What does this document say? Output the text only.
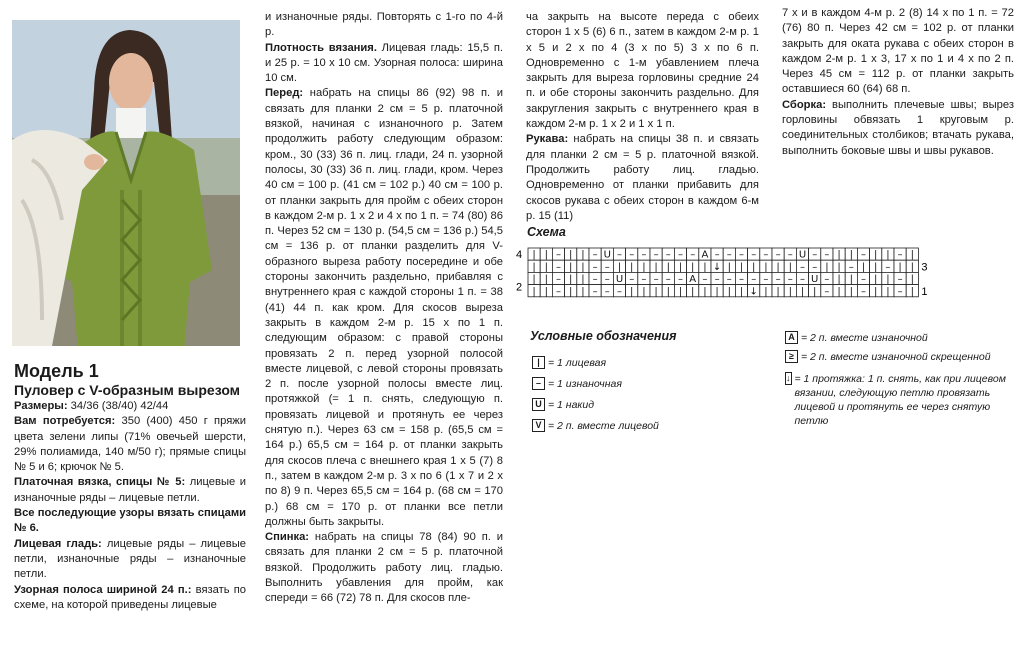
Модель 1

Пуловер с V-образным вырезом

Размеры: 34/36 (38/40) 42/44

Вам потребуется: 350 (400) 450 г пряжи цвета зелени липы (71% овечьей шерсти, 29% полиамида, 140 м/50 г); прямые спицы № 5 и 6; крючок № 5.

Платочная вязка, спицы № 5: лицевые и изнаночные ряды – лицевые петли.

Все последующие узоры вязать спицами № 6.

Лицевая гладь: лицевые ряды – лицевые петли, изнаночные ряды – изнаночные петли.

Узорная полоса шириной 24 п.: вязать по схеме, на которой приведены лицевые

и изнаночные ряды. Повторять с 1-го по 4-й р.

Плотность вязания. Лицевая гладь: 15,5 п. и 25 р. = 10 х 10 см. Узорная полоса: ширина 10 см.

Перед: набрать на спицы 86 (92) 98 п. и связать для планки 2 см = 5 р. платочной вязкой, начиная с изнаночного р. Затем продолжить работу следующим образом: кром., 30 (33) 36 п. лиц. глади, 24 п. узорной полосы, 30 (33) 36 п. лиц. глади, кром. Через 40 см = 100 р. (41 см = 102 р.) 40 см = 100 р. от планки закрыть для пройм с обеих сторон в каждом 2-м р. 1 х 2 и 4 х по 1 п. = 74 (80) 86 п. Через 52 см = 130 р. (54,5 см = 136 р.) 54,5 см = 136 р. от планки разделить для V-образного выреза работу посередине и обе стороны закончить раздельно, прибавляя с внутреннего края с каждой стороны 1 п. = 38 (41) 44 п. как кром. Для скосов выреза закрыть в каждом 2-м р. 15 х по 1 п. следующим образом: с правой стороны провязать 2 п. перед узорной полосой вместе лицевой, с левой стороны провязать 2 п. после узорной полосы вместе лиц. протяжкой (= 1 п. снять, следующую п. провязать лицевой и протянуть ее через снятую п.). Через 63 см = 158 р. (65,5 см = 164 р.) 65,5 см = 164 р. от планки закрыть для скосов плеча с внешнего края 1 х 5 (7) 8 п., затем в каждом 2-м р. 3 х по 6 (1 х 7 и 2 х по 8) 9 п. Через 65,5 см = 164 р. (68 см = 170 р.) 68 см = 170 р. от планки все петли должны быть закрыты.

Спинка: набрать на спицы 78 (84) 90 п. и связать для планки 2 см = 5 р. платочной вязкой. Продолжить работу лиц. гладью. Выполнить убавления для пройм, как спереди = 66 (72) 78 п. Для скосов пле-

ча закрыть на высоте переда с обеих сторон 1 х 5 (6) 6 п., затем в каждом 2-м р. 1 х 5 и 2 х по 4 (3 х по 5) 3 х по 6 п. Одновременно с 1-м убавлением плеча закрыть для выреза горловины средние 24 п. и обе стороны закончить раздельно. Для закругления закрыть с внутреннего края в каждом 2-м р. 1 х 2 и 1 х 1 п.

Рукава: набрать на спицы 38 п. и связать для планки 2 см = 5 р. платочной вязкой. Продолжить работу лиц. гладью. Одновременно от планки прибавить для скосов рукава с обеих сторон в каждом 6-м р. 15 (11)

7 х и в каждом 4-м р. 2 (8) 14 х по 1 п. = 72 (76) 80 п. Через 42 см = 102 р. от планки закрыть для оката рукава с обеих сторон в каждом 2-м р. 1 х 3, 17 х по 1 и 4 х по 2 п. Через 45 см = 112 р. от планки закрыть оставшиеся 60 (64) 68 п.

Сборка: выполнить плечевые швы; вырез горловины обвязать 1 круговым р. соединительных столбиков; втачать рукава, выполнить боковые швы и швы рукавов.

Схема
| | – | | – U – – – – – – – A – – – – – – – U – – | | – | | – |
| | – | | – – | | | | | | | | ↓ | | | | | | – – | | – | | – | |
| | – | | – – U – – – – – A – – – – – – – – – U – | | – | | – |
| | – | | – – – | | | | | | | | | | ↓ | | | | | – | | – | | – |
4
2
3
1
Условные обозначения
| = 1 лицевая
– = 1 изнаночная
U = 1 накид
V = 2 п. вместе лицевой
A = 2 п. вместе изнаночной
≥ = 2 п. вместе изнаночной скрещенной
↓ = 1 протяжка: 1 п. снять, как при лицевом вязании, следующую петлю провязать лицевой и протянуть ее через снятую петлю
